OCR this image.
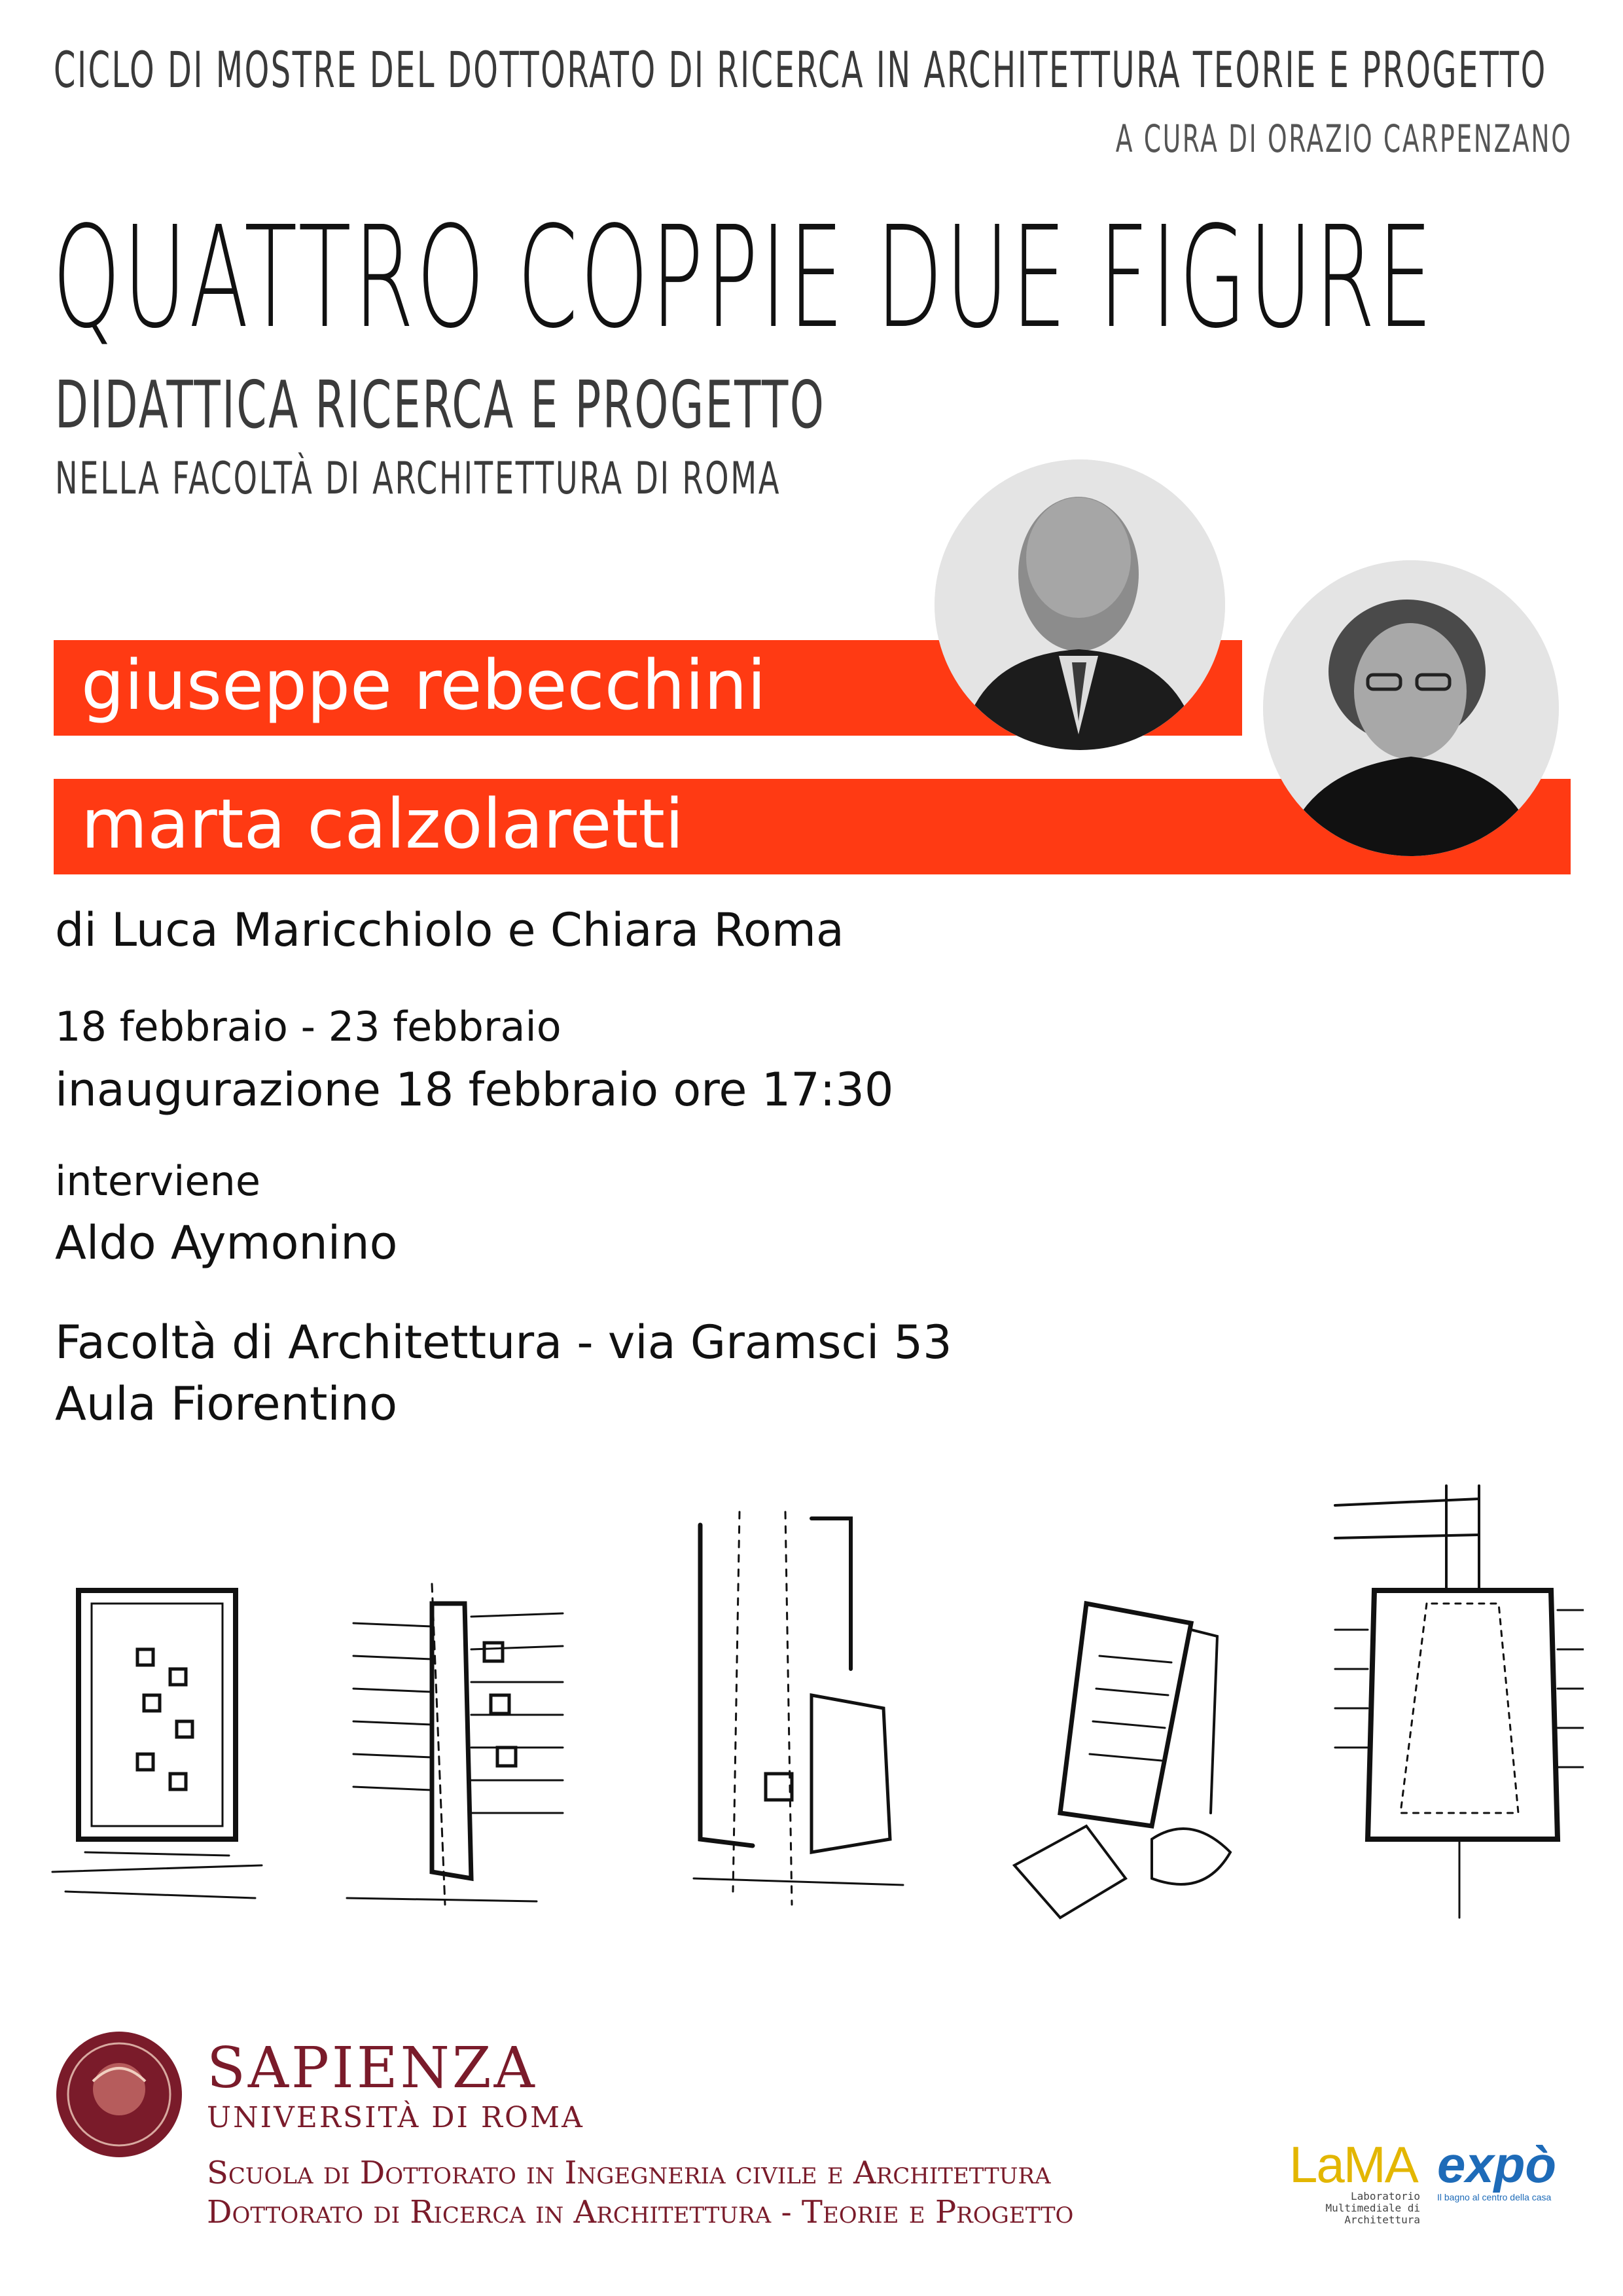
CICLO DI MOSTRE DEL DOTTORATO DI RICERCA IN ARCHITETTURA TEORIE E PROGETTO
A CURA DI ORAZIO CARPENZANO
QUATTRO COPPIE DUE FIGURE
DIDATTICA RICERCA E PROGETTO
NELLA FACOLTÀ DI ARCHITETTURA DI ROMA
giuseppe rebecchini
marta calzolaretti
di Luca Maricchiolo e Chiara Roma
18 febbraio - 23 febbraio
inaugurazione 18 febbraio ore 17:30
interviene
Aldo Aymonino
Facoltà di Architettura - via Gramsci 53
Aula Fiorentino
SAPIENZA
UNIVERSITÀ DI ROMA
Scuola di Dottorato in Ingegneria civile e Architettura
Dottorato di Ricerca in Architettura - Teorie e Progetto
LaMA
Laboratorio Multimediale di Architettura
expò
Il bagno al centro della casa
